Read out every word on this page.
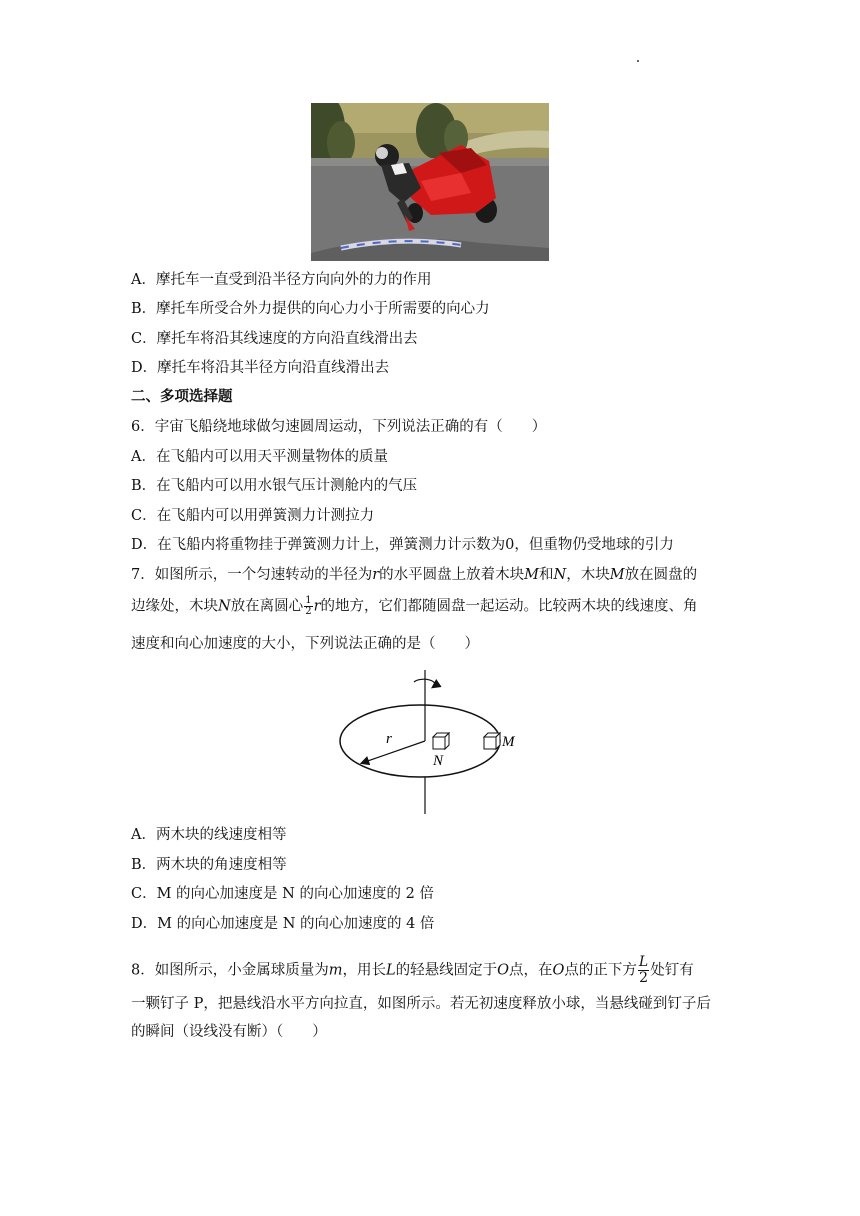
A．摩托车一直受到沿半径方向向外的力的作用
B．摩托车所受合外力提供的向心力小于所需要的向心力
C．摩托车将沿其线速度的方向沿直线滑出去
D．摩托车将沿其半径方向沿直线滑出去
二、多项选择题
6．宇宙飞船绕地球做匀速圆周运动，下列说法正确的有（　　）
A．在飞船内可以用天平测量物体的质量
B．在飞船内可以用水银气压计测舱内的气压
C．在飞船内可以用弹簧测力计测拉力
D．在飞船内将重物挂于弹簧测力计上，弹簧测力计示数为0，但重物仍受地球的引力
7．如图所示，一个匀速转动的半径为r的水平圆盘上放着木块M和N，木块M放在圆盘的
边缘处，木块N放在离圆心 $\frac{1}{2}$ r的地方，它们都随圆盘一起运动。比较两木块的线速度、角
速度和向心加速度的大小，下列说法正确的是（　　）
r
N
M
A．两木块的线速度相等
B．两木块的角速度相等
C．M 的向心加速度是 N 的向心加速度的 2 倍
D．M 的向心加速度是 N 的向心加速度的 4 倍
8．如图所示，小金属球质量为m，用长L的轻悬线固定于O点，在O点的正下方 $\frac{L}{2}$ 处钉有
一颗钉子 P，把悬线沿水平方向拉直，如图所示。若无初速度释放小球，当悬线碰到钉子后
的瞬间（设线没有断）（　　）
